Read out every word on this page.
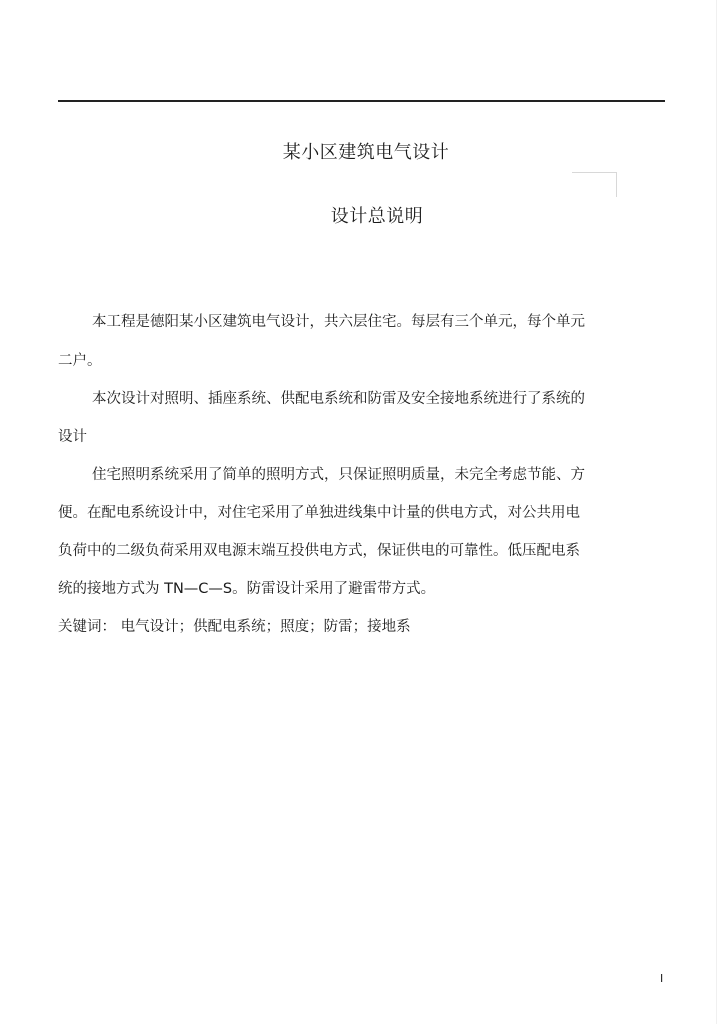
某小区建筑电气设计
设计总说明
本工程是德阳某小区建筑电气设计，共六层住宅。每层有三个单元，每个单元
二户。
本次设计对照明、插座系统、供配电系统和防雷及安全接地系统进行了系统的
设计
住宅照明系统采用了简单的照明方式，只保证照明质量，未完全考虑节能、方
便。在配电系统设计中，对住宅采用了单独进线集中计量的供电方式，对公共用电
负荷中的二级负荷采用双电源末端互投供电方式，保证供电的可靠性。低压配电系
统的接地方式为 TN—C—S。防雷设计采用了避雷带方式。
关键词： 电气设计；供配电系统；照度；防雷；接地系
I
